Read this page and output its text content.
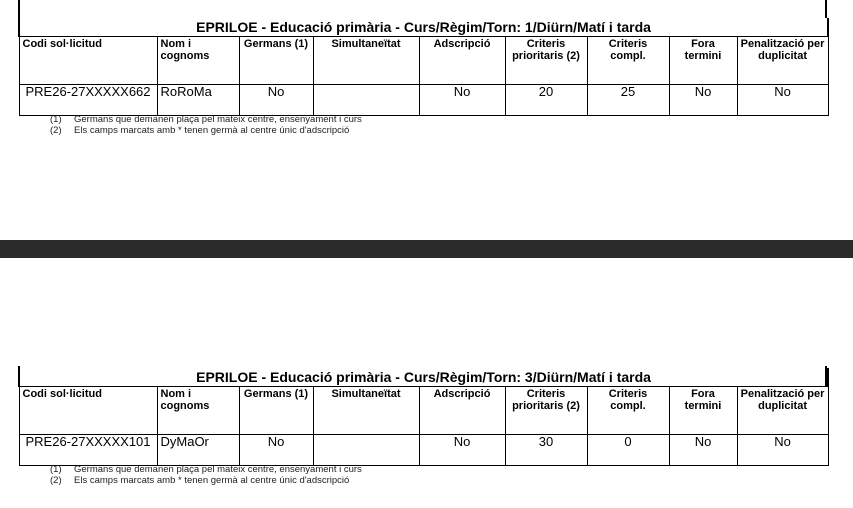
EPRILOE - Educació primària - Curs/Règim/Torn: 1/Diürn/Matí i tarda								
Codi sol·licitud	Nom i cognoms	Germans (1)	Simultaneïtat	Adscripció	Criteris prioritaris (2)	Criteris compl.	Fora termini	Penalització per duplicitat
PRE26-27XXXXX662	RoRoMa	No		No	20	25	No	No
(1)	Germans que demanen plaça pel mateix centre, ensenyament i curs
(2)	Els camps marcats amb * tenen germà al centre únic d'adscripció
EPRILOE - Educació primària - Curs/Règim/Torn: 3/Diürn/Matí i tarda								
Codi sol·licitud	Nom i cognoms	Germans (1)	Simultaneïtat	Adscripció	Criteris prioritaris (2)	Criteris compl.	Fora termini	Penalització per duplicitat
PRE26-27XXXXX101	DyMaOr	No		No	30	0	No	No
(1)	Germans que demanen plaça pel mateix centre, ensenyament i curs
(2)	Els camps marcats amb * tenen germà al centre únic d'adscripció
